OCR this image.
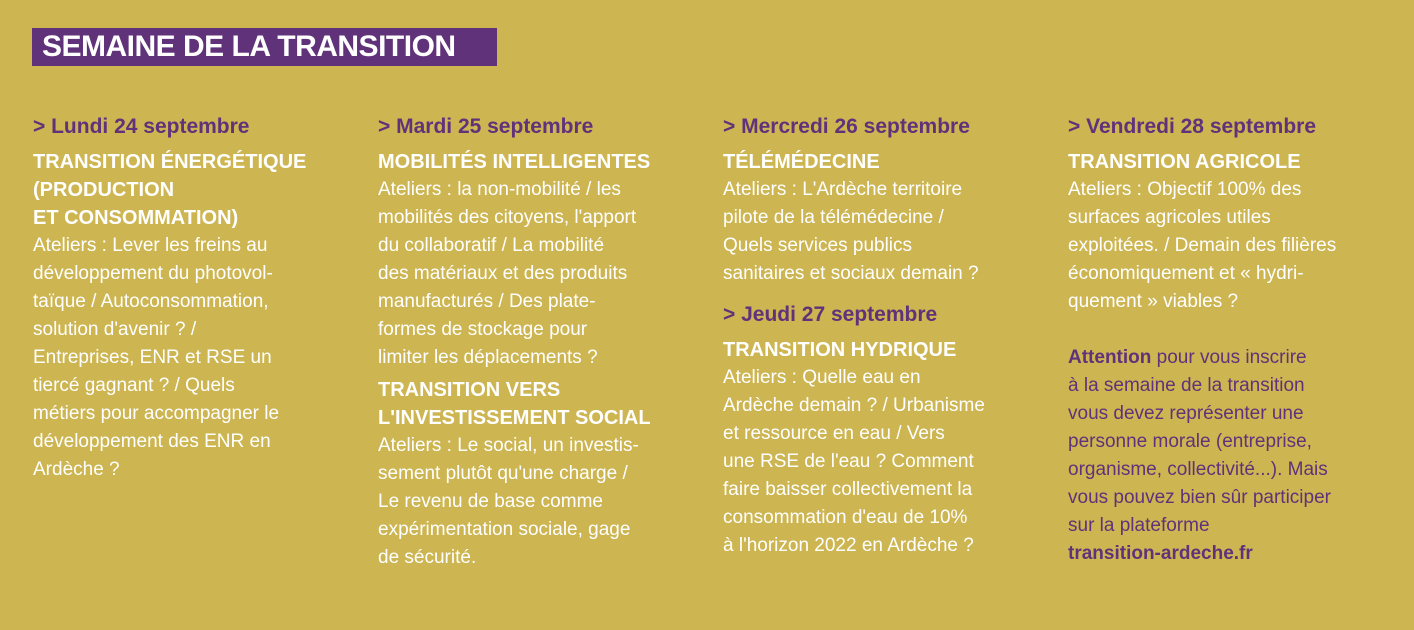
SEMAINE DE LA TRANSITION
> Lundi 24 septembre
TRANSITION ÉNERGÉTIQUE
(PRODUCTION
ET CONSOMMATION)
Ateliers : Lever les freins au
développement du photovol-
taïque / Autoconsommation,
solution d'avenir ? /
Entreprises, ENR et RSE un
tiercé gagnant ? / Quels
métiers pour accompagner le
développement des ENR en
Ardèche ?
> Mardi 25 septembre
MOBILITÉS INTELLIGENTES
Ateliers : la non-mobilité / les
mobilités des citoyens, l'apport
du collaboratif / La mobilité
des matériaux et des produits
manufacturés / Des plate-
formes de stockage pour
limiter les déplacements ?
TRANSITION VERS
L'INVESTISSEMENT SOCIAL
Ateliers : Le social, un investis-
sement plutôt qu'une charge /
Le revenu de base comme
expérimentation sociale, gage
de sécurité.
> Mercredi 26 septembre
TÉLÉMÉDECINE
Ateliers : L'Ardèche territoire
pilote de la télémédecine /
Quels services publics
sanitaires et sociaux demain ?
> Jeudi 27 septembre
TRANSITION HYDRIQUE
Ateliers : Quelle eau en
Ardèche demain ? / Urbanisme
et ressource en eau / Vers
une RSE de l'eau ? Comment
faire baisser collectivement la
consommation d'eau de 10%
à l'horizon 2022 en Ardèche ?
> Vendredi 28 septembre
TRANSITION AGRICOLE
Ateliers : Objectif 100% des
surfaces agricoles utiles
exploitées. / Demain des filières
économiquement et « hydri-
quement » viables ?
Attention pour vous inscrire
à la semaine de la transition
vous devez représenter une
personne morale (entreprise,
organisme, collectivité...). Mais
vous pouvez bien sûr participer
sur la plateforme
transition-ardeche.fr
